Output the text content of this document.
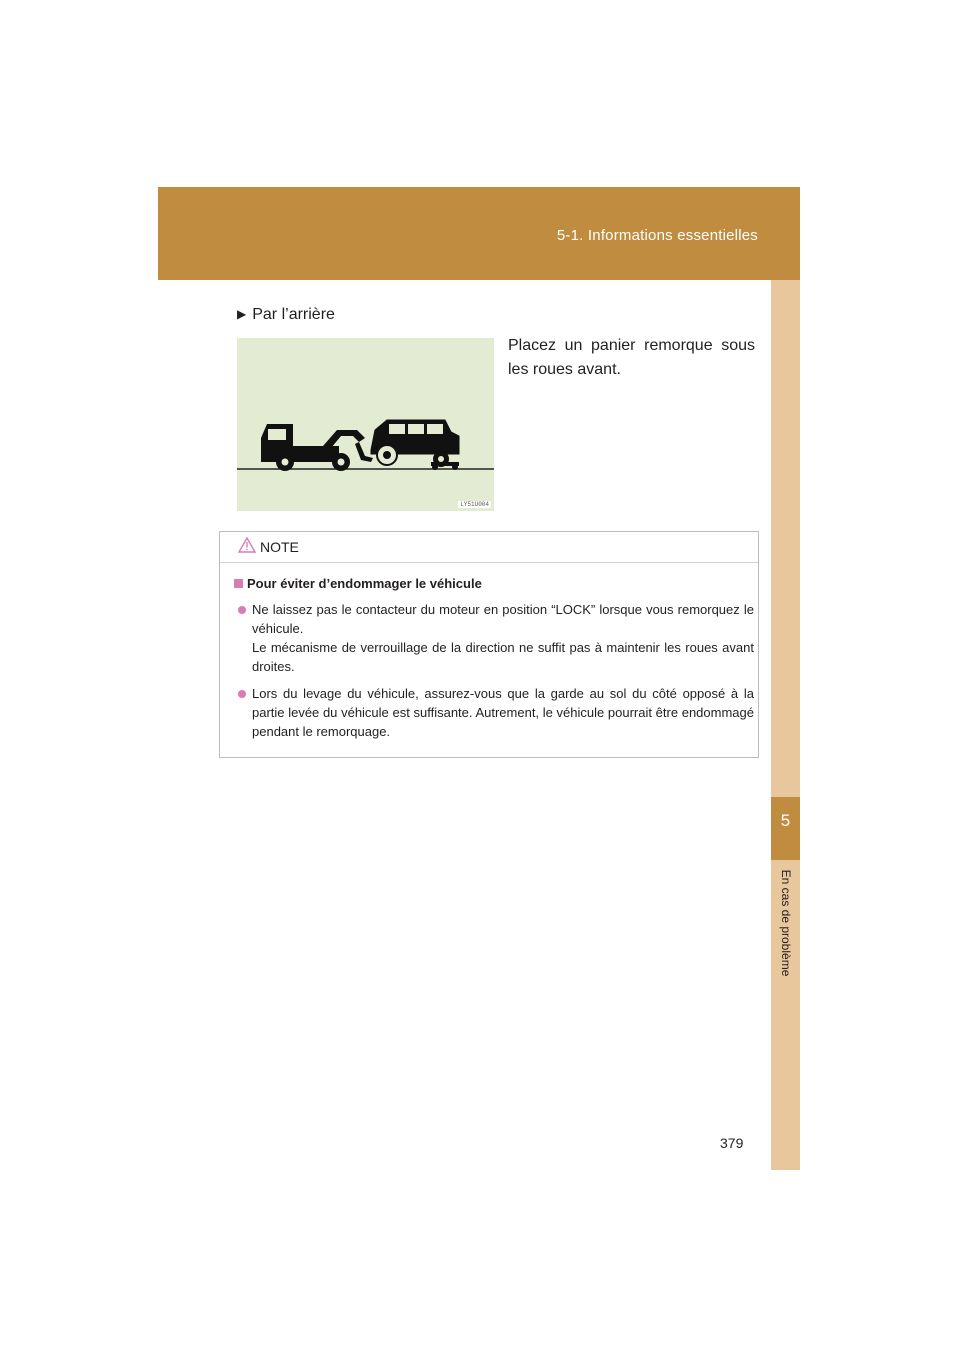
5-1. Informations essentielles
5
En cas de problème
▶ Par l’arrière
LY51U004
Placez un panier remorque sous les roues avant.
NOTE
Pour éviter d’endommager le véhicule

Ne laissez pas le contacteur du moteur en position “LOCK” lorsque vous remorquez le véhicule.

Le mécanisme de verrouillage de la direction ne suffit pas à maintenir les roues avant droites.

Lors du levage du véhicule, assurez-vous que la garde au sol du côté opposé à la partie levée du véhicule est suffisante. Autrement, le véhicule pourrait être endommagé pendant le remorquage.

379
